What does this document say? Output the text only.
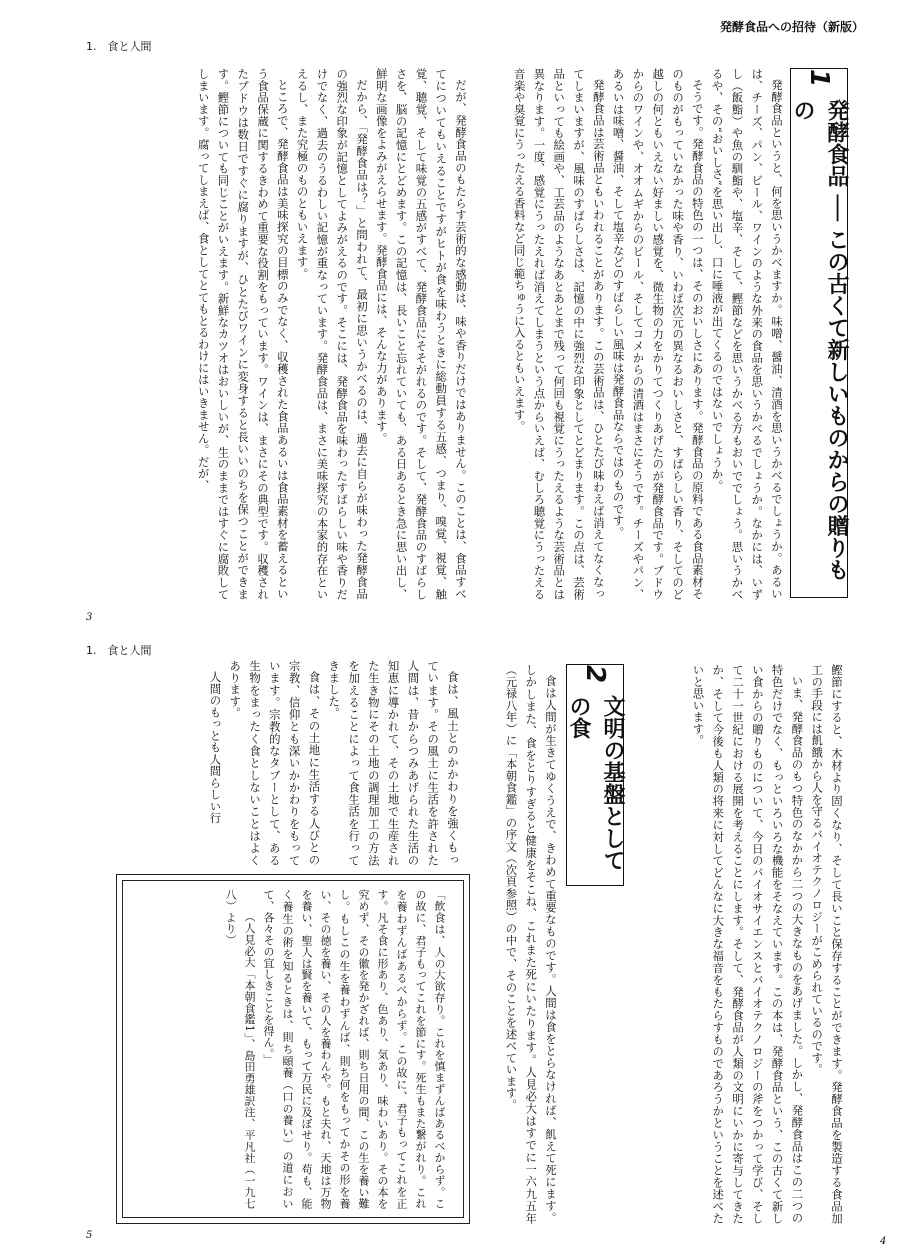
1.　食と人間
発酵食品への招待（新版）
1.　食と人間
3
5
4
1
発酵食品 ── この古くて新しいものからの贈りもの

発酵食品というと、何を思いうかべますか。味噌、醤油、清酒を思いうかべるでしょうか。あるいは、チーズ、パン、ビール、ワインのような外来の食品を思いうかべるでしょうか。なかには、いずし（飯鮨）や魚の馴鮨や、塩辛、そして、鰹節などを思いうかべる方もおいででしょう。思いうかべるや、その“おいしさ”を思い出し、口に唾液が出てくるのではないでしょうか。

そうです。発酵食品の特色の一つは、そのおいしさにあります。発酵食品の原料である食品素材そのものがもっていなかった味や香り、いわば次元の異なるおいしさと、すばらしい香り、そしてのど越しの何ともいえない好ましい感覚を、微生物の力をかりてつくりあげたのが発酵食品です。ブドウからのワインや、オオムギからのビール、そしてコメからの清酒はまさにそうです。チーズやパン、あるいは味噌、醤油、そして塩辛などのすばらしい風味は発酵食品ならではのものです。

発酵食品は芸術品ともいわれることがあります。この芸術品は、ひとたび味わえば消えてなくなってしまいますが、風味のすばらしさは、記憶の中に強烈な印象としてとどまります。この点は、芸術品といっても絵画や、工芸品のようなあとあとまで残って何回も視覚にうったえるような芸術品とは異なります。一度、感覚にうったえれば消えてしまうという点からいえば、むしろ聴覚にうったえる音楽や臭覚にうったえる香料など同じ範ちゅうに入るともいえます。

だが、発酵食品のもたらす芸術的な感動は、味や香りだけではありません。このことは、食品すべてについてもいえることですがヒトが食を味わうときに総動員する五感、つまり、嗅覚、視覚、触覚、聴覚、そして味覚の五感がすべて、発酵食品にそそがれるのです。そして、発酵食品のすばらしさを、脳の記憶にとどめます。この記憶は、長いこと忘れていても、ある日あるとき急に思い出し、鮮明な画像をよみがえらせます。発酵食品には、そんな力があります。

だから、「発酵食品は？」と問われて、最初に思いうかべるのは、過去に自らが味わった発酵食品の強烈な印象が記憶としてよみがえるのです。そこには、発酵食品を味わったすばらしい味や香りだけでなく、過去のうるわしい記憶が重なっています。発酵食品は、まさに美味探究の本家的存在といえるし、また究極のものともいえます。

ところで、発酵食品は美味探究の目標のみでなく、収穫された食品あるいは食品素材を蓄えるという食品保蔵に関するきわめて重要な役割をもっています。ワインは、まさにその典型です。収穫されたブドウは数日ですぐに腐りますが、ひとたびワインに変身すると長いいのちを保つことができます。鰹節についても同じことがいえます。新鮮なカツオはおいしいが、生のままではすぐに腐敗してしまいます。腐ってしまえば、食としてとてもとるわけにはいきません。だが、

鰹節にすると、木材より固くなり、そして長いこと保存することができます。発酵食品を製造する食品加工の手段には飢餓から人を守るバイオテクノロジーがこめられているのです。

いま、発酵食品のもつ特色のなかから二つの大きなものをあげました。しかし、発酵食品はこの二つの特色だけでなく、もっといろいろな機能をそなえています。この本は、発酵食品という、この古くて新しい食からの贈りものについて、今日のバイオサイエンスとバイオテクノロジーの斧をつかって学び、そして二十一世紀における展開を考えることにします。そして、発酵食品が人類の文明にいかに寄与してきたか、そして今後も人類の将来に対してどんなに大きな福音をもたらすものであろうかということを述べたいと思います。

2
文明の基盤としての食

食は人間が生きてゆくうえで、きわめて重要なものです。人間は食をとらなければ、飢えて死にます。しかしまた、食をとりすぎると健康をそこね、これまた死にいたります。人見必大はすでに一六九五年（元禄八年）に「本朝食鑑」の序文（次頁参照）の中で、そのことを述べています。

食は、風土とのかかわりを強くもっています。その風土に生活を許された人間は、昔からつみあげられた生活の知恵に導かれて、その土地で生産された生き物にその土地の調理加工の方法を加えることによって食生活を行ってきました。

食は、その土地に生活する人びとの宗教、信仰とも深いかかわりをもっています。宗教的なタブーとして、ある生物をまったく食としないことはよくあります。

人間のもっとも人間らしい行

「飲食は、人の大欲存り。これを慎まずんばあるべからず。この故に、君子もってこれを節にす。死生もまた繋がれり。これを養わずんばあるべからず。この故に、君子もってこれを正す。凡そ食に形あり、色あり、気あり、味わいあり。その本を究めず、その徽を発かざれば、則ち日用の間、この生を養い難し。もしこの生を養わずんば、則ち何をもってかその形を養い、その徳を養い、その人を養わんや。もと夫れ、天地は万物を養い、聖人は賢を養いて、もって万民に及ぼせり。苟も、能く養生の術を知るときは、則ち頤養（口の養い）の道において、各々その宜しきことを得ん。」

（人見必大「本朝食鑑1」、島田勇雄訳注、平凡社（一九七八）より）
